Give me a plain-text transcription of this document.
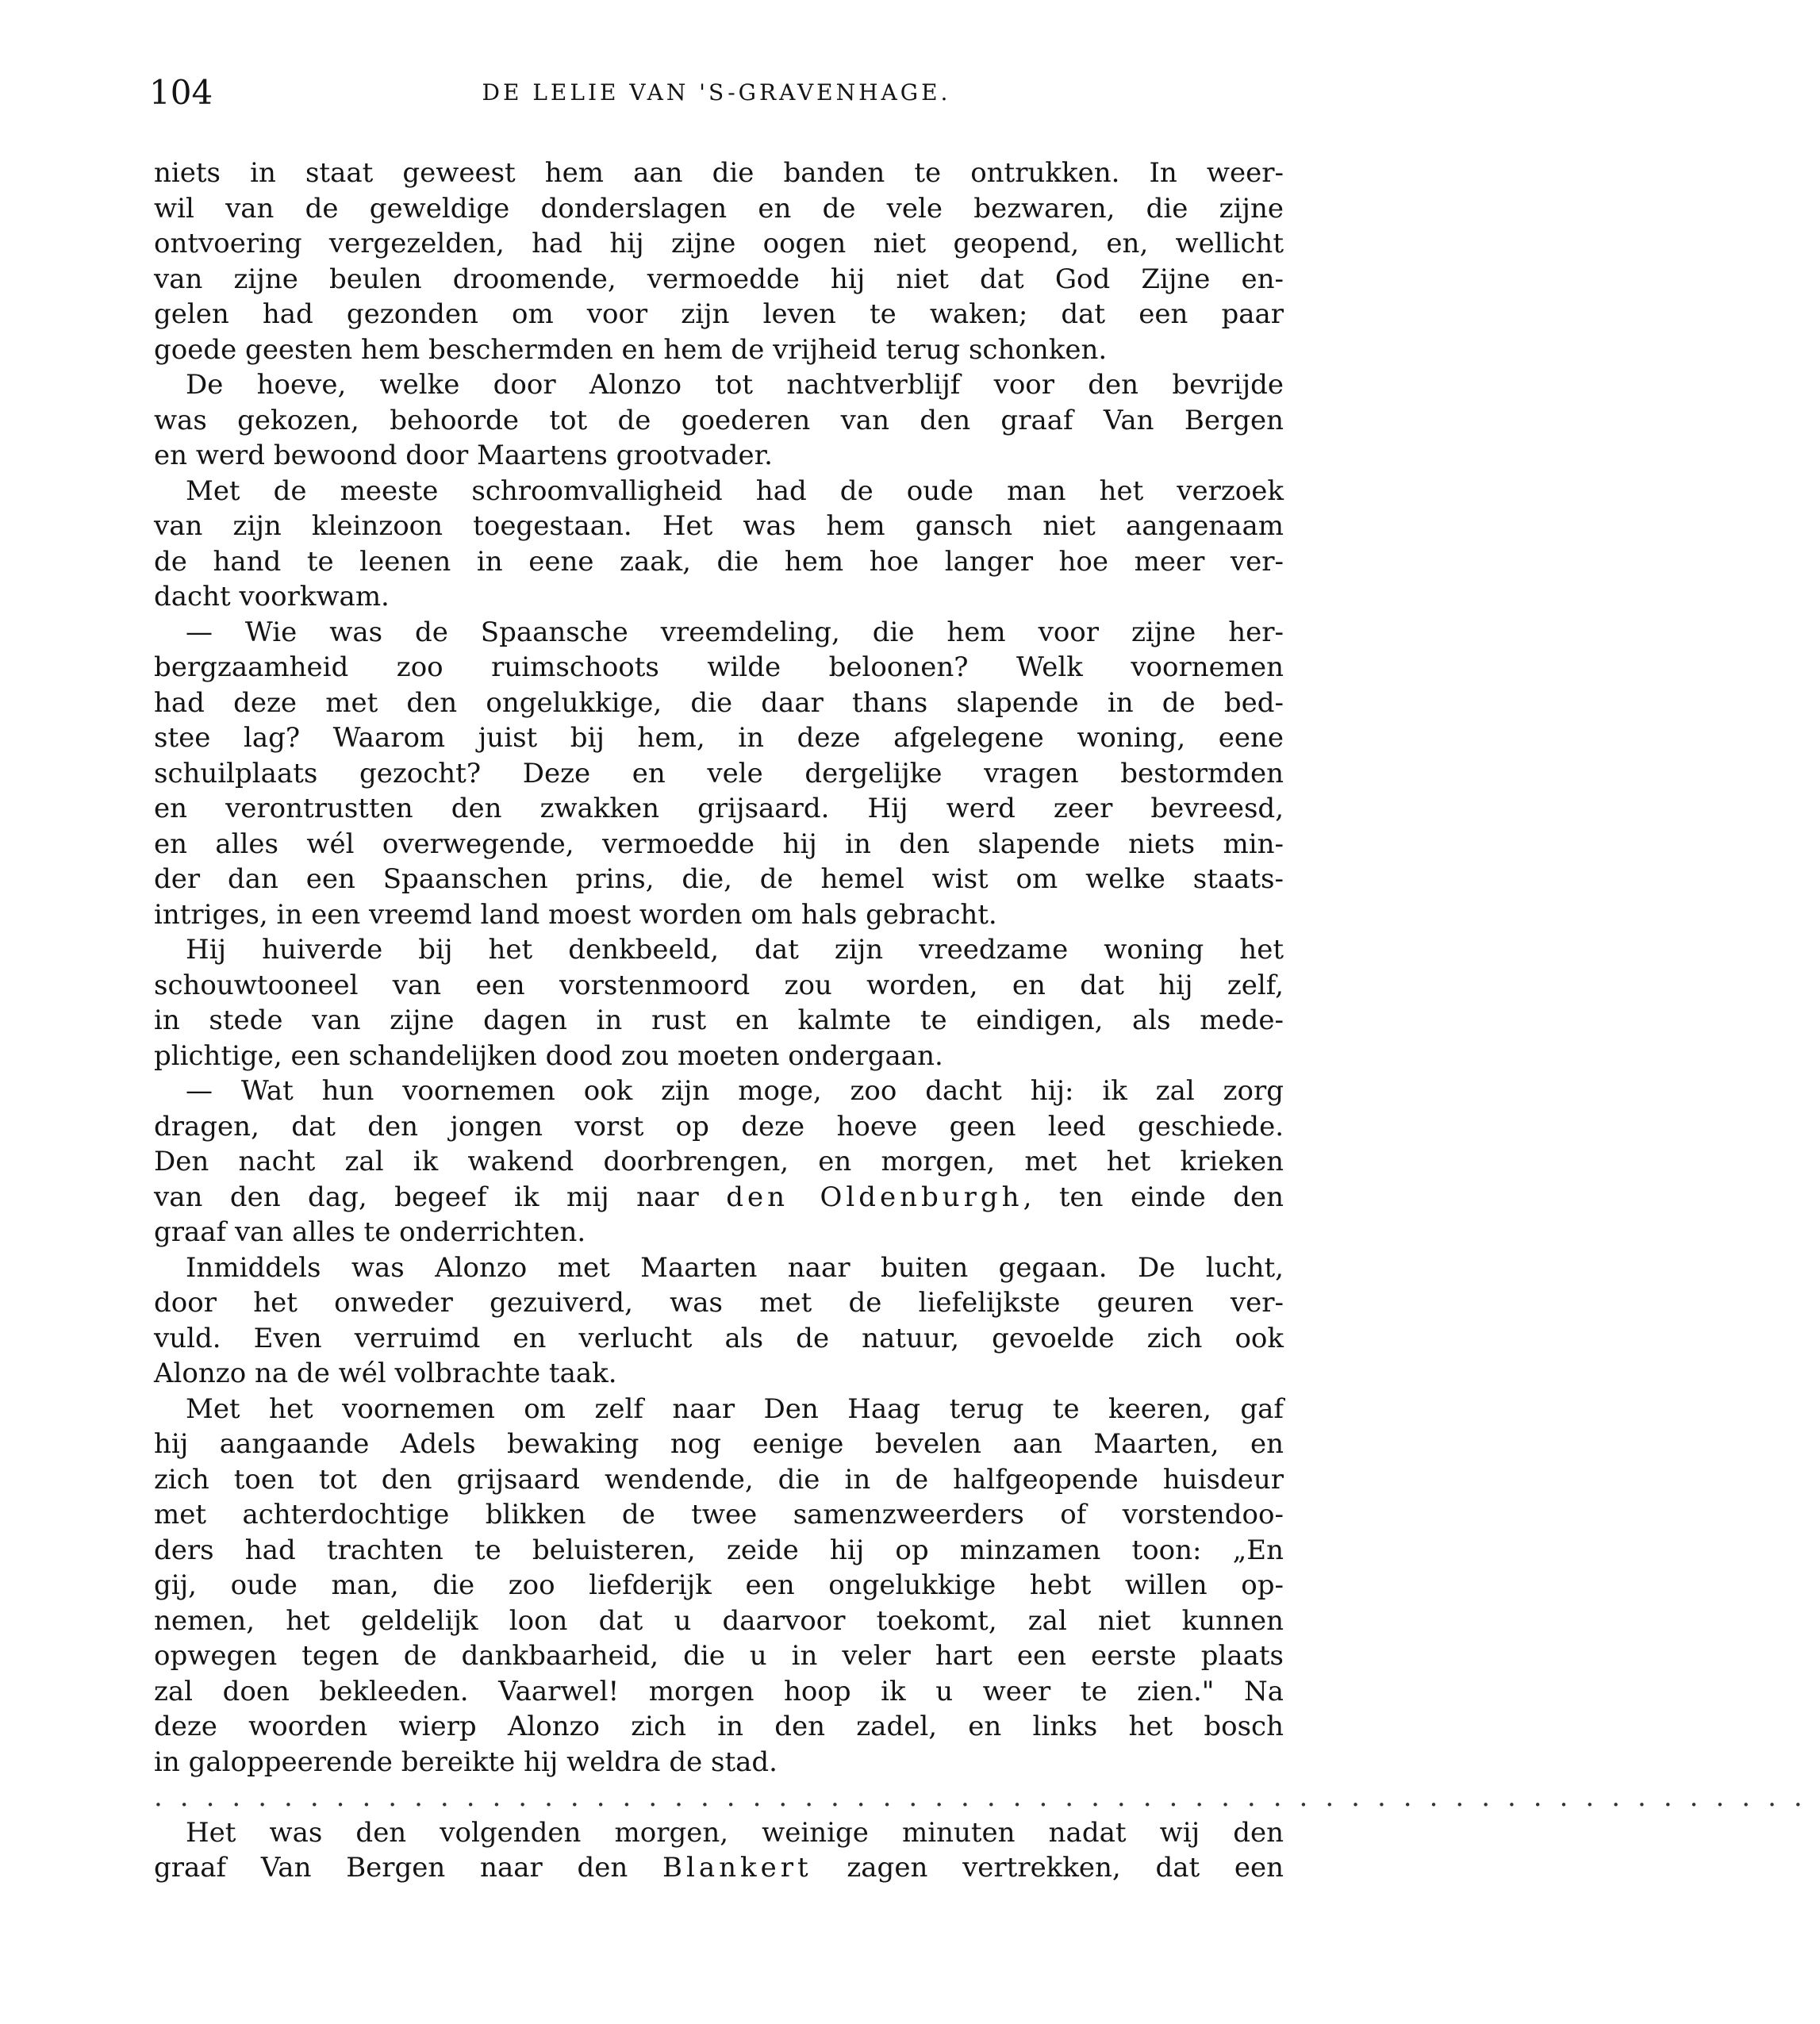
104	DE LELIE VAN 'S-GRAVENHAGE.
niets in staat geweest hem aan die banden te ontrukken. In weer-
wil van de geweldige donderslagen en de vele bezwaren, die zijne
ontvoering vergezelden, had hij zijne oogen niet geopend, en, wellicht
van zijne beulen droomende, vermoedde hij niet dat God Zijne en-
gelen had gezonden om voor zijn leven te waken; dat een paar
goede geesten hem beschermden en hem de vrijheid terug schonken.
De hoeve, welke door Alonzo tot nachtverblijf voor den bevrijde
was gekozen, behoorde tot de goederen van den graaf Van Bergen
en werd bewoond door Maartens grootvader.
Met de meeste schroomvalligheid had de oude man het verzoek
van zijn kleinzoon toegestaan. Het was hem gansch niet aangenaam
de hand te leenen in eene zaak, die hem hoe langer hoe meer ver-
dacht voorkwam.
— Wie was de Spaansche vreemdeling, die hem voor zijne her-
bergzaamheid zoo ruimschoots wilde beloonen? Welk voornemen
had deze met den ongelukkige, die daar thans slapende in de bed-
stee lag? Waarom juist bij hem, in deze afgelegene woning, eene
schuilplaats gezocht? Deze en vele dergelijke vragen bestormden
en verontrustten den zwakken grijsaard. Hij werd zeer bevreesd,
en alles wél overwegende, vermoedde hij in den slapende niets min-
der dan een Spaanschen prins, die, de hemel wist om welke staats-
intriges, in een vreemd land moest worden om hals gebracht.
Hij huiverde bij het denkbeeld, dat zijn vreedzame woning het
schouwtooneel van een vorstenmoord zou worden, en dat hij zelf,
in stede van zijne dagen in rust en kalmte te eindigen, als mede-
plichtige, een schandelijken dood zou moeten ondergaan.
— Wat hun voornemen ook zijn moge, zoo dacht hij: ik zal zorg
dragen, dat den jongen vorst op deze hoeve geen leed geschiede.
Den nacht zal ik wakend doorbrengen, en morgen, met het krieken
van den dag, begeef ik mij naar den Oldenburgh, ten einde den
graaf van alles te onderrichten.
Inmiddels was Alonzo met Maarten naar buiten gegaan. De lucht,
door het onweder gezuiverd, was met de liefelijkste geuren ver-
vuld. Even verruimd en verlucht als de natuur, gevoelde zich ook
Alonzo na de wél volbrachte taak.
Met het voornemen om zelf naar Den Haag terug te keeren, gaf
hij aangaande Adels bewaking nog eenige bevelen aan Maarten, en
zich toen tot den grijsaard wendende, die in de halfgeopende huisdeur
met achterdochtige blikken de twee samenzweerders of vorstendoo-
ders had trachten te beluisteren, zeide hij op minzamen toon: „En
gij, oude man, die zoo liefderijk een ongelukkige hebt willen op-
nemen, het geldelijk loon dat u daarvoor toekomt, zal niet kunnen
opwegen tegen de dankbaarheid, die u in veler hart een eerste plaats
zal doen bekleeden. Vaarwel! morgen hoop ik u weer te zien." Na
deze woorden wierp Alonzo zich in den zadel, en links het bosch
in galoppeerende bereikte hij weldra de stad.
................................................................
Het was den volgenden morgen, weinige minuten nadat wij den
graaf Van Bergen naar den Blankert zagen vertrekken, dat een
